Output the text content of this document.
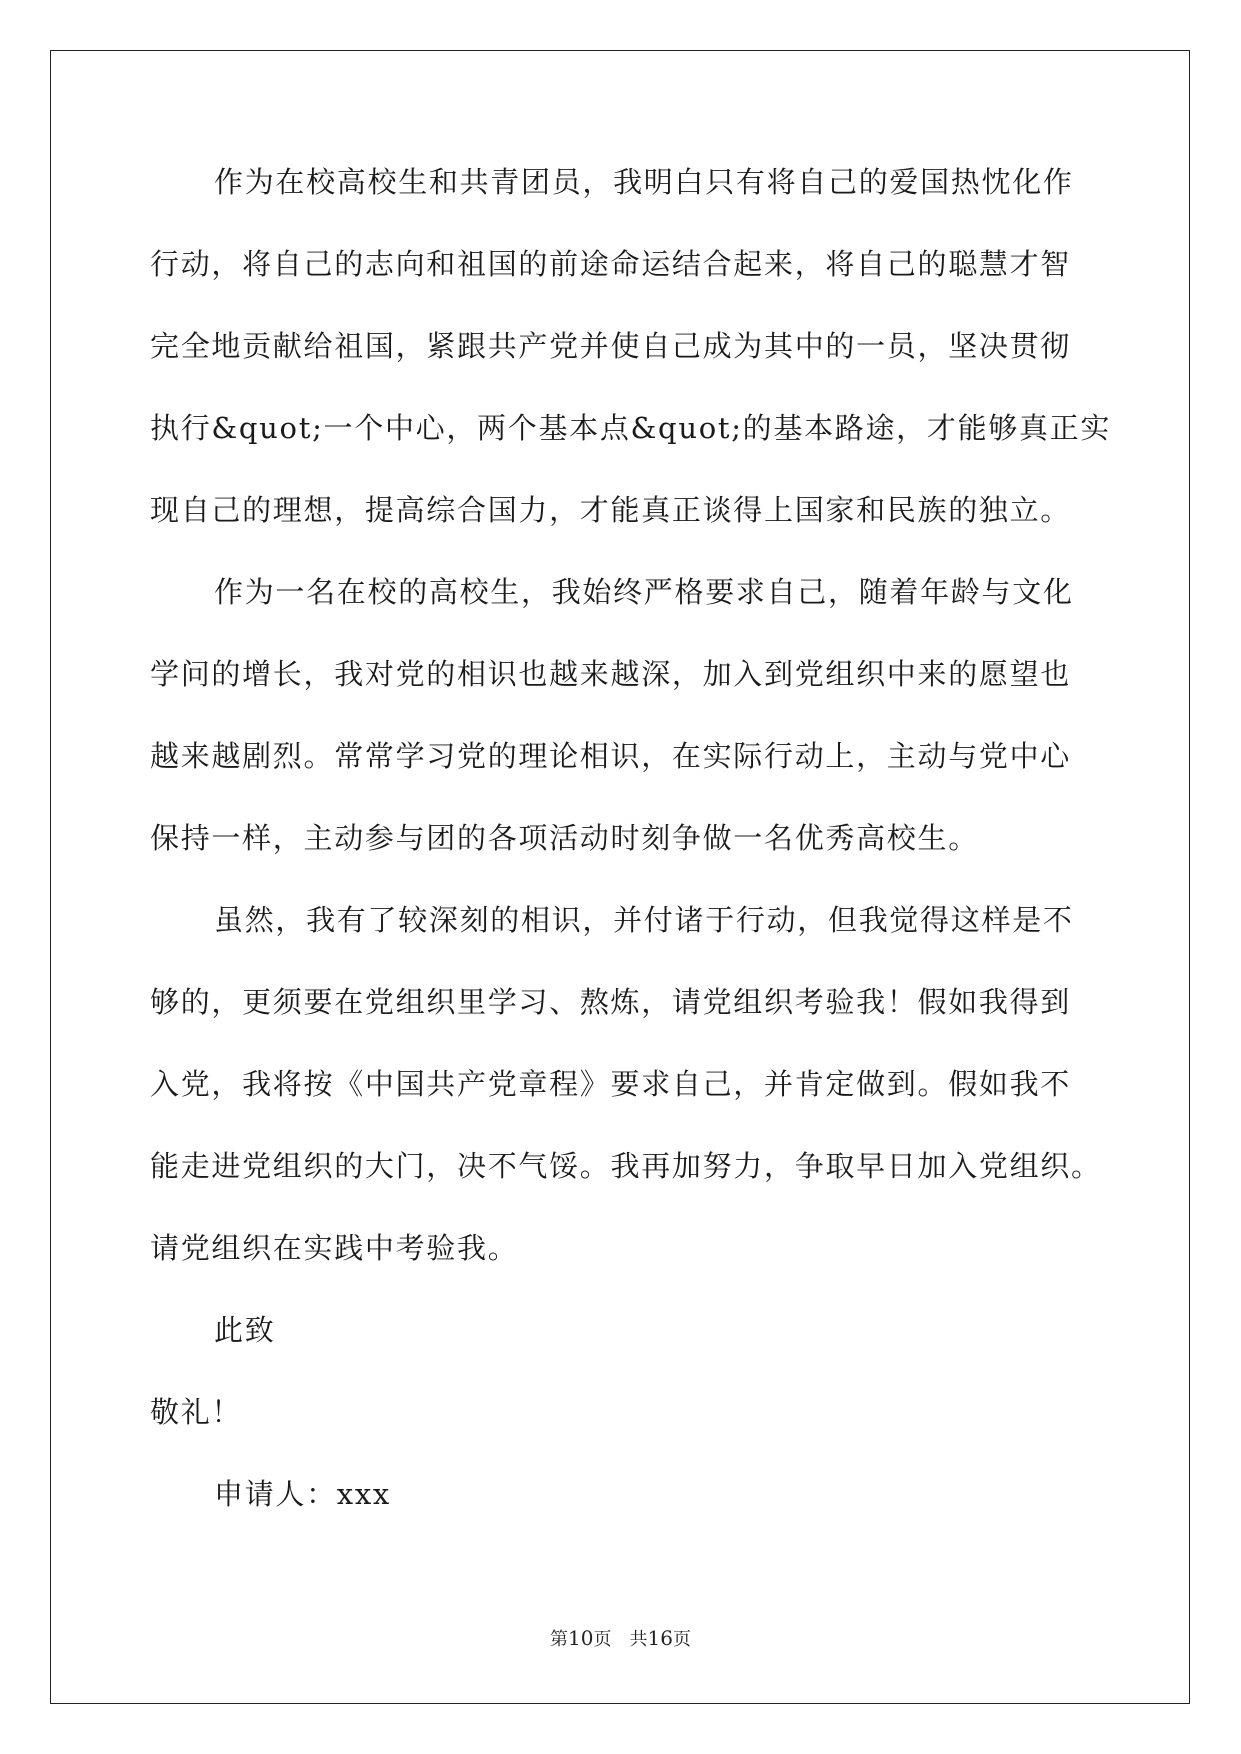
作为在校高校生和共青团员，我明白只有将自己的爱国热忱化作
行动，将自己的志向和祖国的前途命运结合起来，将自己的聪慧才智
完全地贡献给祖国，紧跟共产党并使自己成为其中的一员，坚决贯彻
执行&quot;一个中心，两个基本点&quot;的基本路途，才能够真正实
现自己的理想，提高综合国力，才能真正谈得上国家和民族的独立。
作为一名在校的高校生，我始终严格要求自己，随着年龄与文化
学问的增长，我对党的相识也越来越深，加入到党组织中来的愿望也
越来越剧烈。常常学习党的理论相识，在实际行动上，主动与党中心
保持一样，主动参与团的各项活动时刻争做一名优秀高校生。
虽然，我有了较深刻的相识，并付诸于行动，但我觉得这样是不
够的，更须要在党组织里学习、熬炼，请党组织考验我！假如我得到
入党，我将按《中国共产党章程》要求自己，并肯定做到。假如我不
能走进党组织的大门，决不气馁。我再加努力，争取早日加入党组织。
请党组织在实践中考验我。
此致
敬礼！
申请人：xxx
第10页　共16页
